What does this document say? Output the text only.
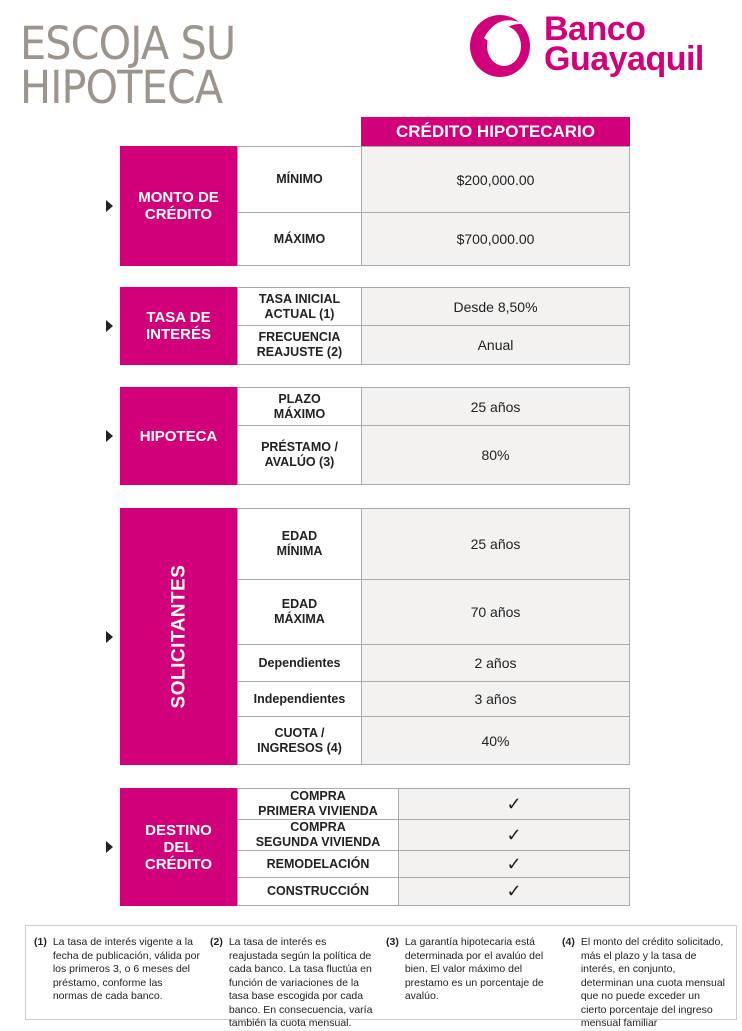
ESCOJA SU
HIPOTECA
Banco
Guayaquil
CRÉDITO HIPOTECARIO
MONTO DE
CRÉDITO
MÍNIMO	$200,000.00
MÁXIMO	$700,000.00
TASA DE
INTERÉS
TASA INICIAL
ACTUAL (1)	Desde 8,50%
FRECUENCIA
REAJUSTE (2)	Anual
HIPOTECA
PLAZO
MÁXIMO	25 años
PRÉSTAMO /
AVALÚO (3)	80%
SOLICITANTES
EDAD
MÍNIMA	25 años
EDAD
MÁXIMA	70 años
Dependientes	2 años
Independientes	3 años
CUOTA /
INGRESOS (4)	40%
DESTINO
DEL
CRÉDITO
COMPRA
PRIMERA VIVIENDA	✓
COMPRA
SEGUNDA VIVIENDA	✓
REMODELACIÓN	✓
CONSTRUCCIÓN	✓
(1) La tasa de interés vigente a la fecha de publicación, válida por los primeros 3, o 6 meses del préstamo, conforme las normas de cada banco.
(2) La tasa de interés es reajustada según la política de cada banco. La tasa fluctúa en función de variaciones de la tasa base escogida por cada banco. En consecuencia, varía también la cuota mensual.
(3) La garantía hipotecaria está determinada por el avalúo del bien. El valor máximo del prestamo es un porcentaje de avalúo.
(4) El monto del crédito solicitado, más el plazo y la tasa de interés, en conjunto, determinan una cuota mensual que no puede exceder un cierto porcentaje del ingreso mensual familiar
